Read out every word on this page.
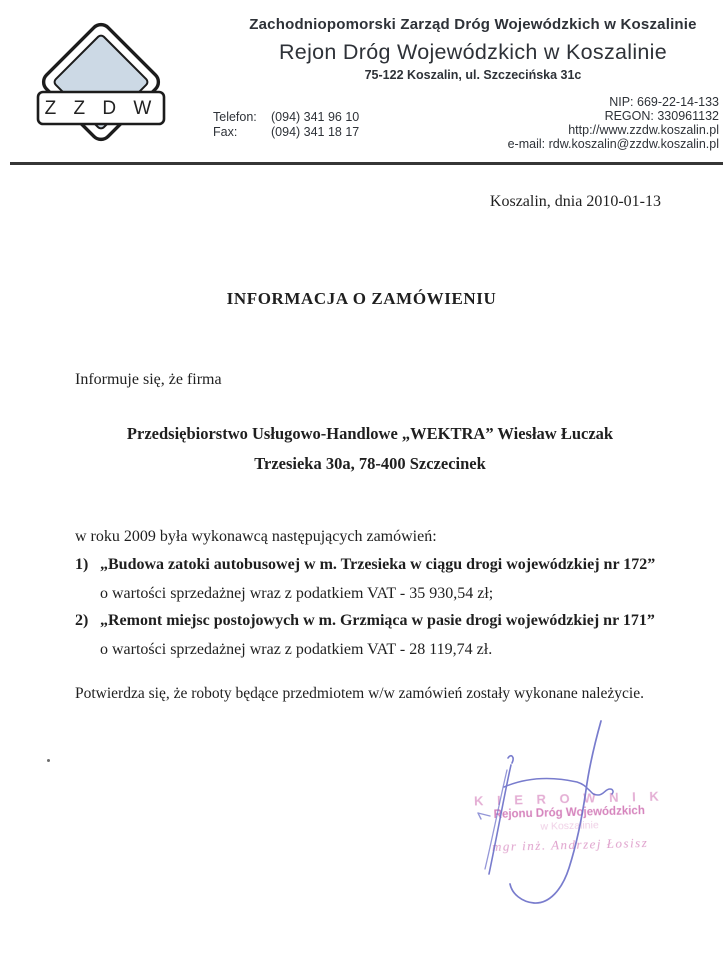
Z Z D W
Zachodniopomorski Zarząd Dróg Wojewódzkich w Koszalinie
Rejon Dróg Wojewódzkich w Koszalinie
75-122 Koszalin, ul. Szczecińska 31c
Telefon:	(094) 341 96 10
Fax:	(094) 341 18 17
NIP: 669-22-14-133
REGON: 330961132
http://www.zzdw.koszalin.pl
e-mail: rdw.koszalin@zzdw.koszalin.pl
Koszalin, dnia 2010-01-13
INFORMACJA O ZAMÓWIENIU
Informuje się, że firma
Przedsiębiorstwo Usługowo-Handlowe „WEKTRA” Wiesław Łuczak
Trzesieka 30a, 78-400 Szczecinek
w roku 2009 była wykonawcą następujących zamówień:
1) „Budowa zatoki autobusowej w m. Trzesieka w ciągu drogi wojewódzkiej nr 172”
o wartości sprzedażnej wraz z podatkiem VAT - 35 930,54 zł;
2) „Remont miejsc postojowych w m. Grzmiąca w pasie drogi wojewódzkiej nr 171”
o wartości sprzedażnej wraz z podatkiem VAT - 28 119,74 zł.
Potwierdza się, że roboty będące przedmiotem w/w zamówień zostały wykonane należycie.
K I E R O W N I K
Rejonu Dróg Wojewódzkich
w Koszalinie
mgr inż. Andrzej Łosisz
